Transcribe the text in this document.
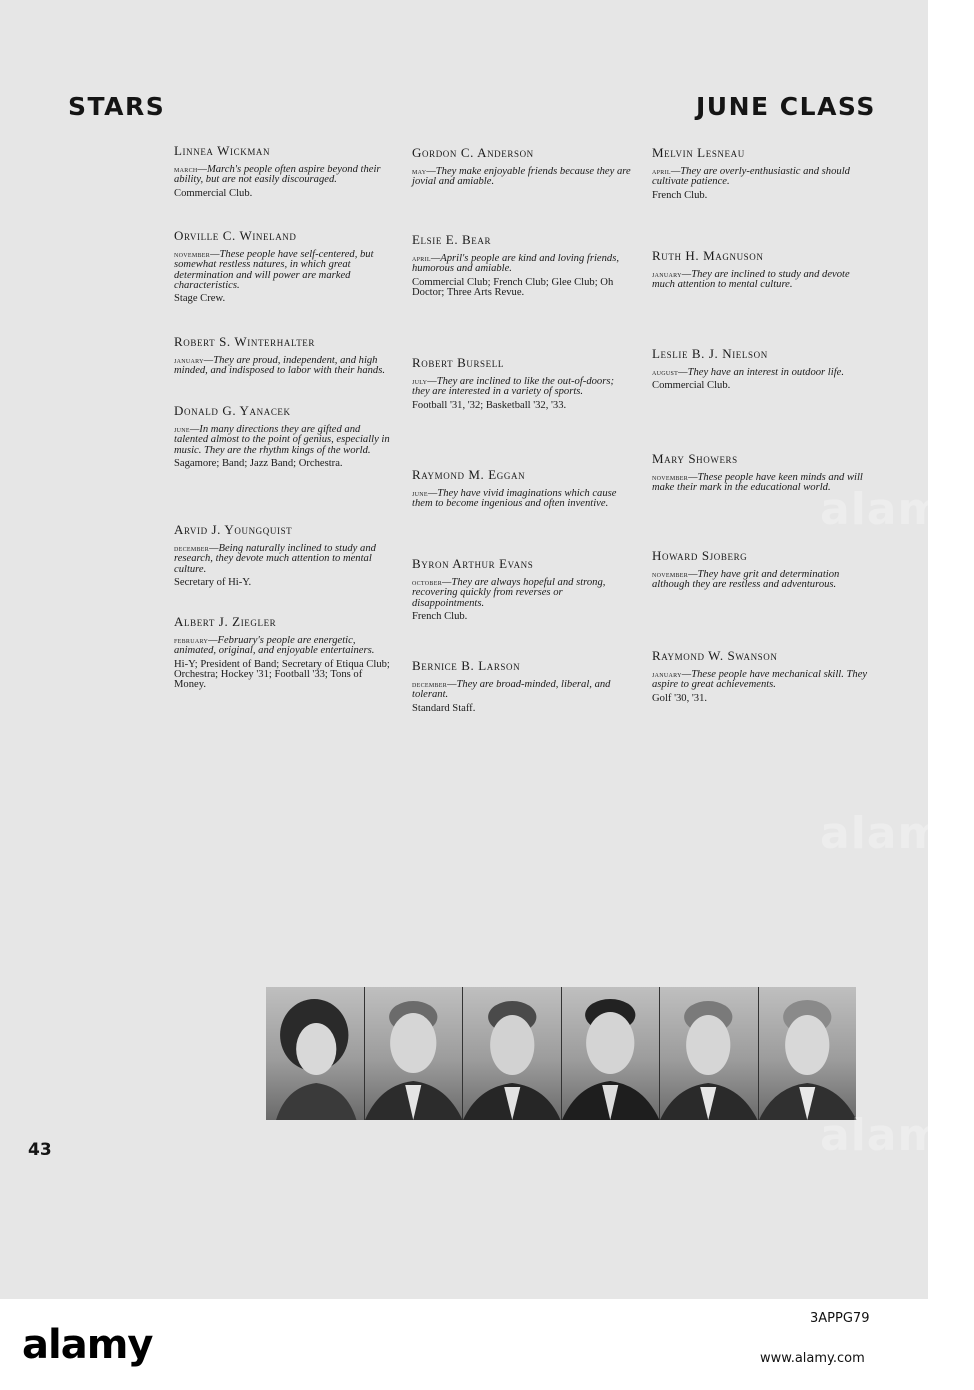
STARS	JUNE CLASS
Linnea Wickman
march—March's people often aspire beyond their ability, but are not easily discouraged.
Commercial Club.
Orville C. Wineland
november—These people have self-centered, but somewhat restless natures, in which great determination and will power are marked characteristics.
Stage Crew.
Robert S. Winterhalter
january—They are proud, independent, and high minded, and indisposed to labor with their hands.
Donald G. Yanacek
june—In many directions they are gifted and talented almost to the point of genius, especially in music. They are the rhythm kings of the world.
Sagamore; Band; Jazz Band; Orchestra.
Arvid J. Youngquist
december—Being naturally inclined to study and research, they devote much attention to mental culture.
Secretary of Hi-Y.
Albert J. Ziegler
february—February's people are energetic, animated, original, and enjoyable entertainers.
Hi-Y; President of Band; Secretary of Etiqua Club; Orchestra; Hockey '31; Football '33; Tons of Money.
Gordon C. Anderson
may—They make enjoyable friends because they are jovial and amiable.
Elsie E. Bear
april—April's people are kind and loving friends, humorous and amiable.
Commercial Club; French Club; Glee Club; Oh Doctor; Three Arts Revue.
Robert Bursell
july—They are inclined to like the out-of-doors; they are interested in a variety of sports.
Football '31, '32; Basketball '32, '33.
Raymond M. Eggan
june—They have vivid imaginations which cause them to become ingenious and often inventive.
Byron Arthur Evans
october—They are always hopeful and strong, recovering quickly from reverses or disappointments.
French Club.
Bernice B. Larson
december—They are broad-minded, liberal, and tolerant.
Standard Staff.
Melvin Lesneau
april—They are overly-enthusiastic and should cultivate patience.
French Club.
Ruth H. Magnuson
january—They are inclined to study and devote much attention to mental culture.
Leslie B. J. Nielson
august—They have an interest in outdoor life.
Commercial Club.
Mary Showers
november—These people have keen minds and will make their mark in the educational world.
Howard Sjoberg
november—They have grit and determination although they are restless and adventurous.
Raymond W. Swanson
january—These people have mechanical skill. They aspire to great achievements.
Golf '30, '31.
43
alamy
alamy
alamy
alamy
3APPG79
www.alamy.com
